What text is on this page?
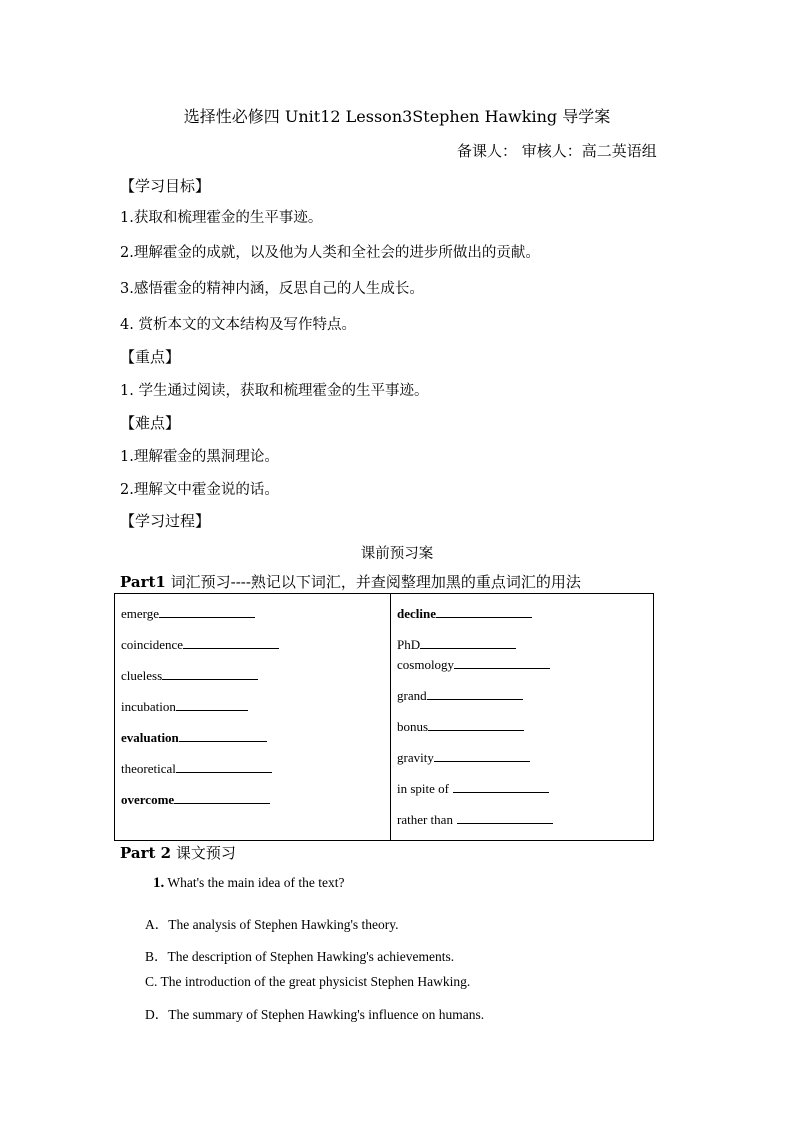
选择性必修四 Unit12 Lesson3Stephen Hawking 导学案
备课人： 审核人：高二英语组
【学习目标】
1.获取和梳理霍金的生平事迹。
2.理解霍金的成就，以及他为人类和全社会的进步所做出的贡献。
3.感悟霍金的精神内涵，反思自己的人生成长。
4. 赏析本文的文本结构及写作特点。
【重点】
1. 学生通过阅读，获取和梳理霍金的生平事迹。
【难点】
1.理解霍金的黑洞理论。
2.理解文中霍金说的话。
【学习过程】
课前预习案
Part1 词汇预习----熟记以下词汇，并查阅整理加黑的重点词汇的用法
emerge
coincidence
clueless
incubation
evaluation
theoretical
overcome

decline
PhD
cosmology
grand
bonus
gravity
in spite of
rather than
Part 2 课文预习
1. What's the main idea of the text?
A．The analysis of Stephen Hawking's theory.
B．The description of Stephen Hawking's achievements.
C. The introduction of the great physicist Stephen Hawking.
D．The summary of Stephen Hawking's influence on humans.
